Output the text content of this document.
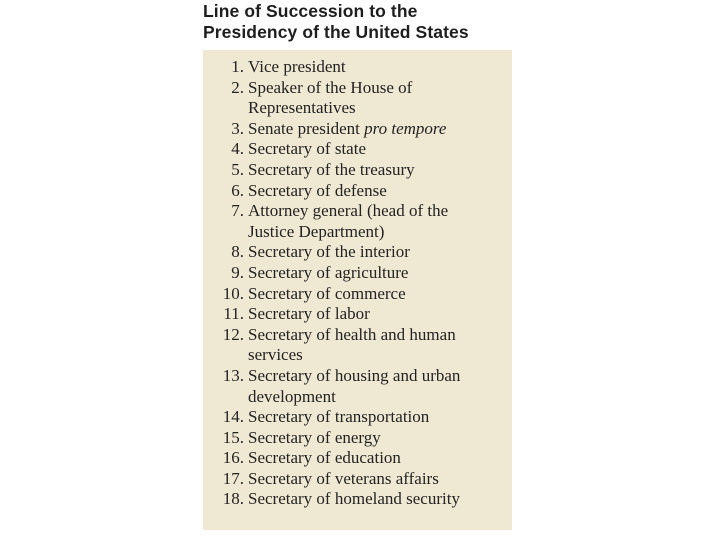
Line of Succession to the
Presidency of the United States
1. Vice president
2. Speaker of the House of
Representatives
3. Senate president pro tempore
4. Secretary of state
5. Secretary of the treasury
6. Secretary of defense
7. Attorney general (head of the
Justice Department)
8. Secretary of the interior
9. Secretary of agriculture
10. Secretary of commerce
11. Secretary of labor
12. Secretary of health and human
services
13. Secretary of housing and urban
development
14. Secretary of transportation
15. Secretary of energy
16. Secretary of education
17. Secretary of veterans affairs
18. Secretary of homeland security
